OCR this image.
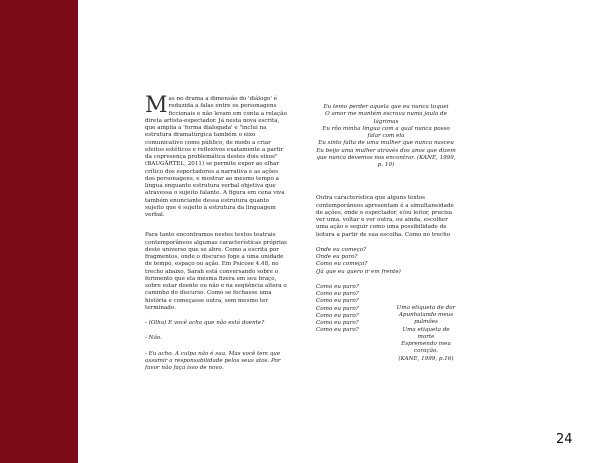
Mas no drama a dimensão do 'diálogo' é reduzida a falas entre os personagens ficcionais e não levam em conta a relação direta artista-espectador. Já nesta nova escrita, que amplia a 'forma dialogada' e "inclui na estrutura dramatúrgica também o eixo comunicativo como público, de modo a criar efeitos estéticos e reflexivos exatamente a partir da copresença problemática destes dois eixos" (BAUGÄRTEL, 2011) se permite expor ao olhar crítico dos espectadores a narrativa e as ações dos personagens, e mostrar ao mesmo tempo a língua enquanto estrutura verbal objetiva que atravessa o sujeito falante. A figura em cena viva também enunciante dessa estrutura quanto sujeito que é sujeito à estrutura da linguagem verbal.

Para tanto encontramos nestes textos teatrais contemporâneos algumas características próprias deste universo que se abre. Como a escrita por fragmentos, onde o discurso foge a uma unidade de tempo, espaço ou ação. Em Psicose 4.48, no trecho abaixo, Sarah está conversando sobre o ferimento que ela mesma fizera em seu braço, sobre estar doente ou não e na seqüência altera o caminho do discurso. Como se fechasse uma história e começasse outra, sem mesmo ter terminado.

- (Olha) E você acha que não está doente?

- Não.

- Eu acho. A culpa não é sua. Mas você tem que assumir a responsabilidade pelos seus atos. Por favor não faça isso de novo.

Eu temo perder aquela que eu nunca toquei
O amor me mantém escrava numa jaula de lágrimas
Eu rôo minha língua com a qual nunca posso falar com ela
Eu sinto falta de uma mulher que nunca nasceu
Eu beijo uma mulher através dos anos que dizem que nunca devemos nos encontrar. (KANE, 1999, p. 10)

Outra característica que alguns textos contemporâneos apresentam é a simultaneidade de ações, onde o espectador, e/ou leitor, precisa ver uma, voltar e ver outra, ou ainda, escolher uma ação e seguir como uma possibilidade de leitura a partir de sua escolha. Como no trecho

Onde eu começo?
Onde eu paro?
Como eu começo?
(Já que eu quero ir em frente)

Como eu paro?

Como eu paro?

Como eu paro?

Como eu paro?

Como eu paro?

Como eu paro?

Como eu paro?

Uma etiqueta de dor
Apunhalando meus pulmões
Uma etiqueta de morte
Espremendo meu coração.
(KANE, 1999, p.16)

24
